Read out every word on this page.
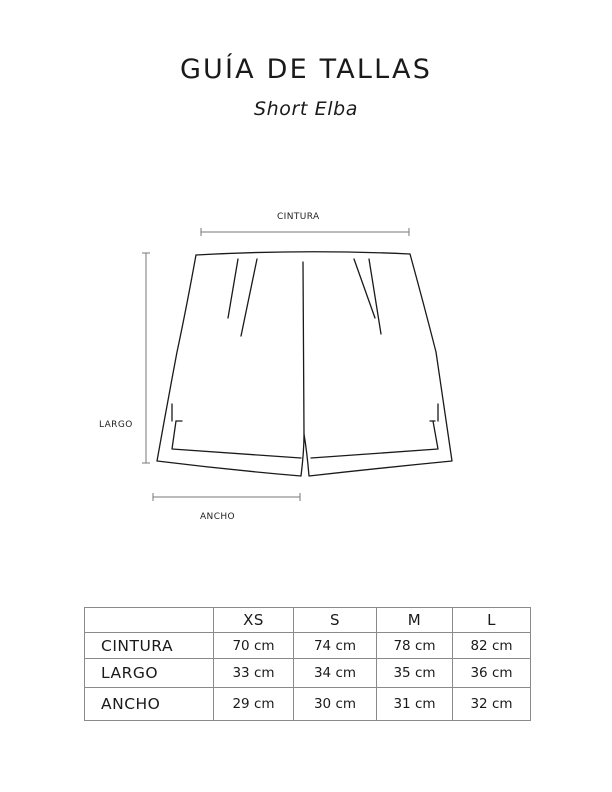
GUÍA DE TALLAS
Short Elba
CINTURA
LARGO
ANCHO
	XS	S	M	L
CINTURA	70 cm	74 cm	78 cm	82 cm
LARGO	33 cm	34 cm	35 cm	36 cm
ANCHO	29 cm	30 cm	31 cm	32 cm
